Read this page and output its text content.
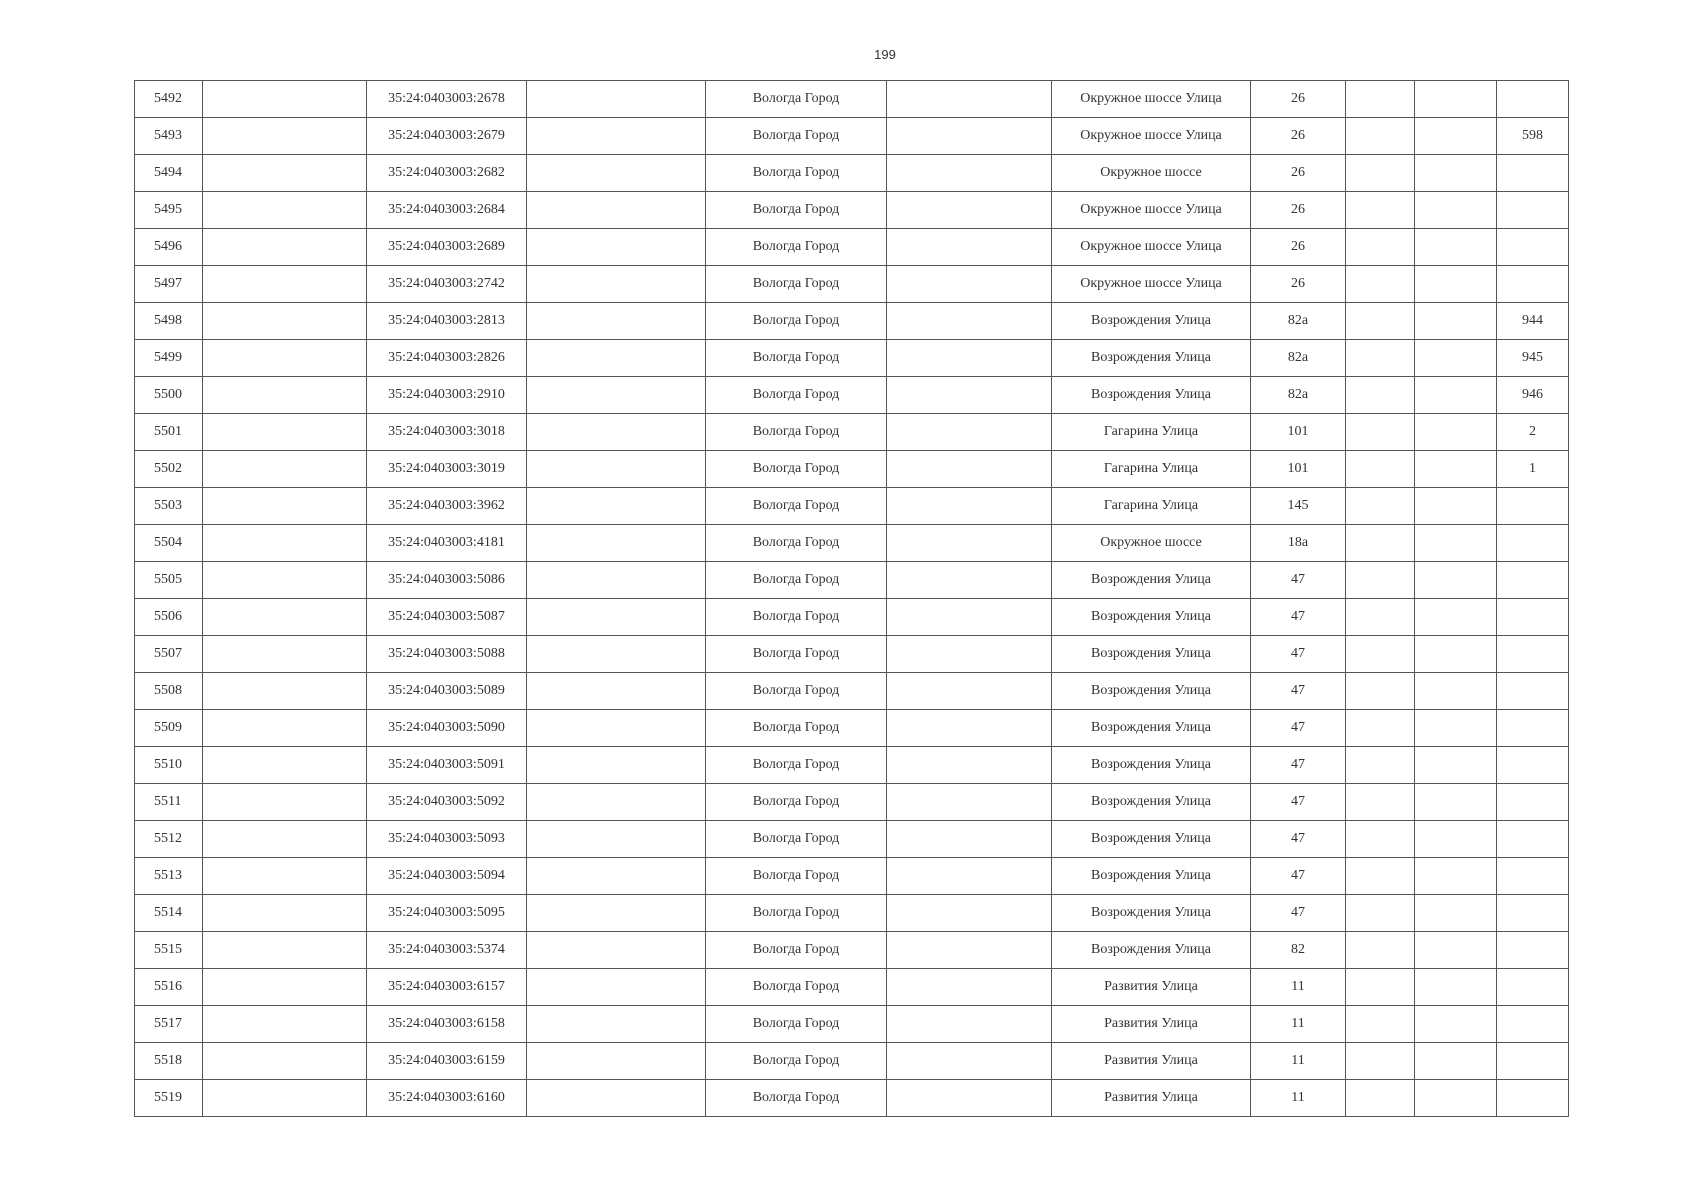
199
5492		35:24:0403003:2678		Вологда Город		Окружное шоссе Улица	26			
5493		35:24:0403003:2679		Вологда Город		Окружное шоссе Улица	26			598
5494		35:24:0403003:2682		Вологда Город		Окружное шоссе	26			
5495		35:24:0403003:2684		Вологда Город		Окружное шоссе Улица	26			
5496		35:24:0403003:2689		Вологда Город		Окружное шоссе Улица	26			
5497		35:24:0403003:2742		Вологда Город		Окружное шоссе Улица	26			
5498		35:24:0403003:2813		Вологда Город		Возрождения Улица	82a			944
5499		35:24:0403003:2826		Вологда Город		Возрождения Улица	82a			945
5500		35:24:0403003:2910		Вологда Город		Возрождения Улица	82a			946
5501		35:24:0403003:3018		Вологда Город		Гагарина Улица	101			2
5502		35:24:0403003:3019		Вологда Город		Гагарина Улица	101			1
5503		35:24:0403003:3962		Вологда Город		Гагарина Улица	145			
5504		35:24:0403003:4181		Вологда Город		Окружное шоссе	18a			
5505		35:24:0403003:5086		Вологда Город		Возрождения Улица	47			
5506		35:24:0403003:5087		Вологда Город		Возрождения Улица	47			
5507		35:24:0403003:5088		Вологда Город		Возрождения Улица	47			
5508		35:24:0403003:5089		Вологда Город		Возрождения Улица	47			
5509		35:24:0403003:5090		Вологда Город		Возрождения Улица	47			
5510		35:24:0403003:5091		Вологда Город		Возрождения Улица	47			
5511		35:24:0403003:5092		Вологда Город		Возрождения Улица	47			
5512		35:24:0403003:5093		Вологда Город		Возрождения Улица	47			
5513		35:24:0403003:5094		Вологда Город		Возрождения Улица	47			
5514		35:24:0403003:5095		Вологда Город		Возрождения Улица	47			
5515		35:24:0403003:5374		Вологда Город		Возрождения Улица	82			
5516		35:24:0403003:6157		Вологда Город		Развития Улица	11			
5517		35:24:0403003:6158		Вологда Город		Развития Улица	11			
5518		35:24:0403003:6159		Вологда Город		Развития Улица	11			
5519		35:24:0403003:6160		Вологда Город		Развития Улица	11			
